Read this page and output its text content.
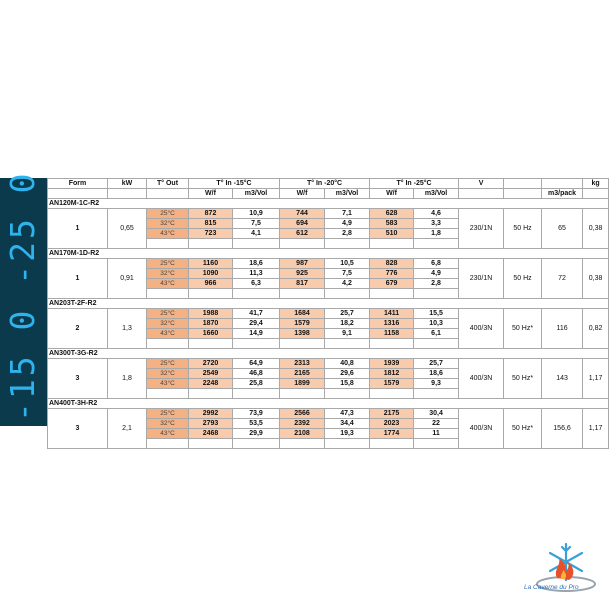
-15 0 -25 0	Form	kW	T° Out	T° In -15°C		T° In -20°C		T° In -25°C		V			kg
			W/f	m3/Vol	W/f	m3/Vol	W/f	m3/Vol			m3/pack	
AN120M-1C-R2												
1	0,65	25°C	872	10,9	744	7,1	628	4,6	230/1N	50 Hz	65	0,38
		32°C	815	7,5	694	4,9	583	3,3				
		43°C	723	4,1	612	2,8	510	1,8				

AN170M-1D-R2												
1	0,91	25°C	1160	18,6	987	10,5	828	6,8	230/1N	50 Hz	72	0,38
		32°C	1090	11,3	925	7,5	776	4,9				
		43°C	966	6,3	817	4,2	679	2,8				

AN203T-2F-R2												
2	1,3	25°C	1988	41,7	1684	25,7	1411	15,5	400/3N	50 Hz*	116	0,82
		32°C	1870	29,4	1579	18,2	1316	10,3				
		43°C	1660	14,9	1398	9,1	1158	6,1				

AN300T-3G-R2												
3	1,8	25°C	2720	64,9	2313	40,8	1939	25,7	400/3N	50 Hz*	143	1,17
		32°C	2549	46,8	2165	29,6	1812	18,6				
		43°C	2248	25,8	1899	15,8	1579	9,3				

AN400T-3H-R2												
3	2,1	25°C	2992	73,9	2566	47,3	2175	30,4	400/3N	50 Hz*	156,6	1,17
		32°C	2793	53,5	2392	34,4	2023	22				
		43°C	2468	29,9	2108	19,3	1774	11				

La Caverne du Pro
